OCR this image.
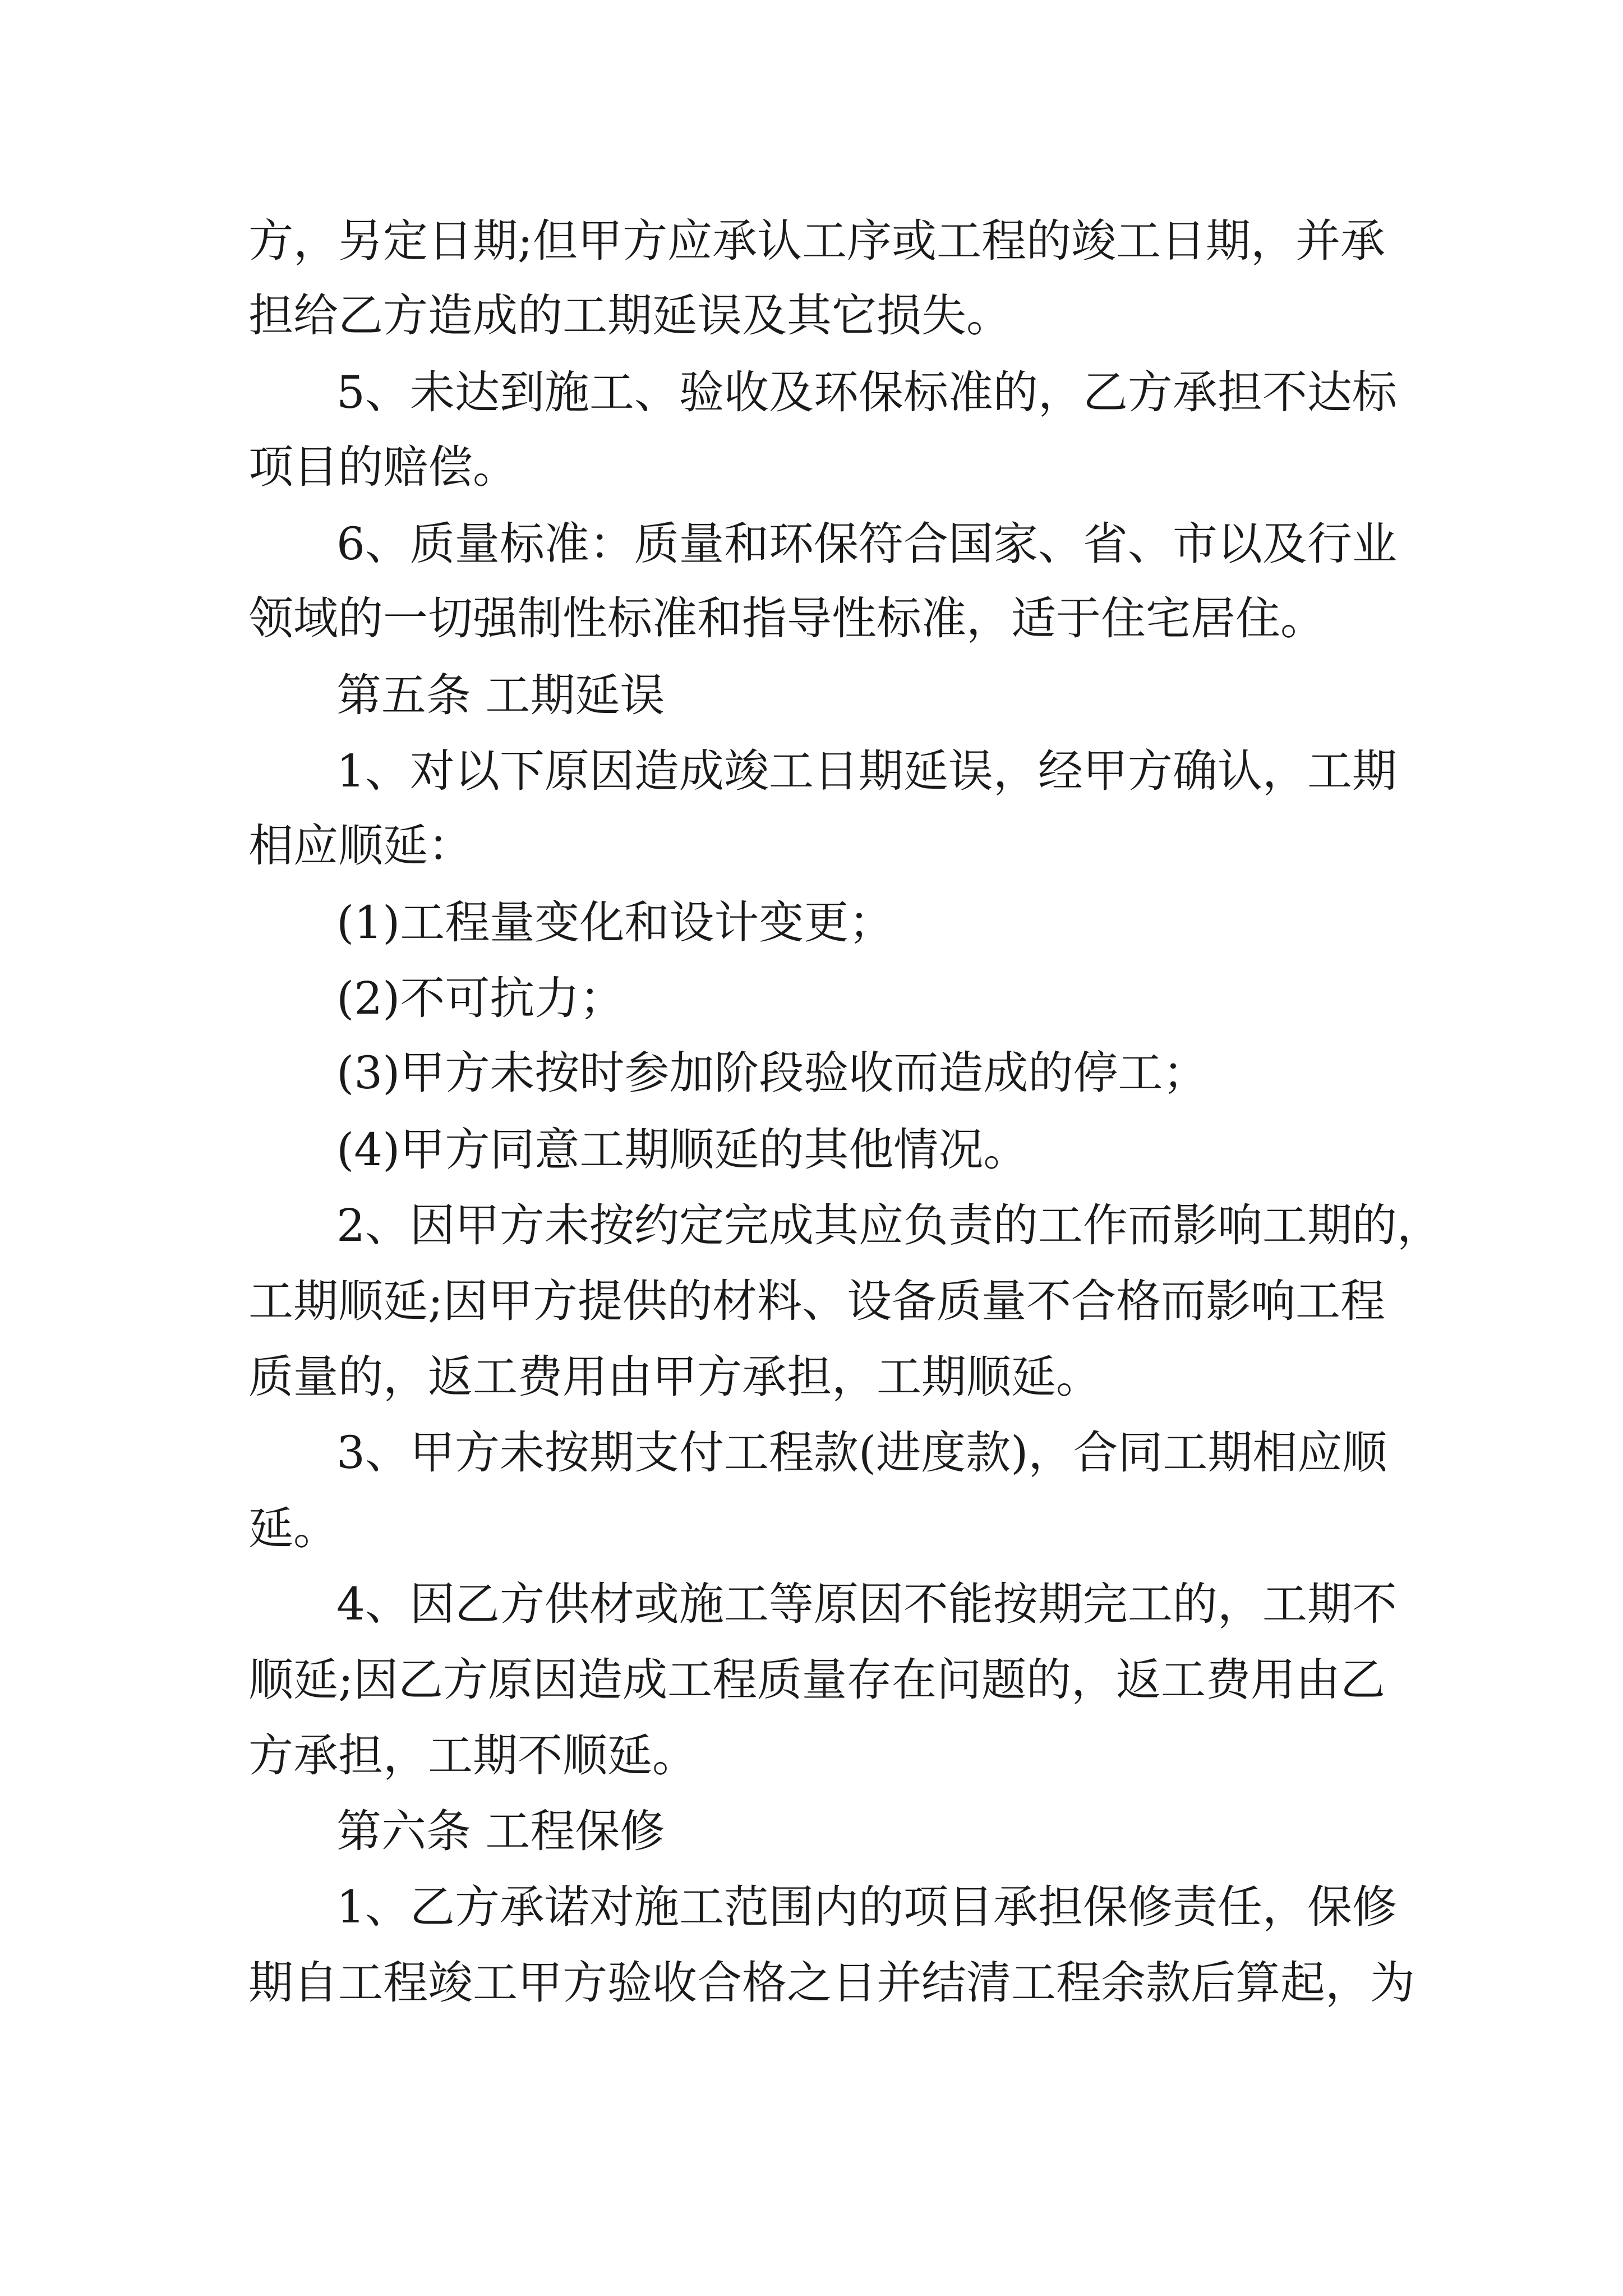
方，另定日期;但甲方应承认工序或工程的竣工日期，并承
担给乙方造成的工期延误及其它损失。
5、未达到施工、验收及环保标准的，乙方承担不达标
项目的赔偿。
6、质量标准：质量和环保符合国家、省、市以及行业
领域的一切强制性标准和指导性标准，适于住宅居住。
第五条 工期延误
1、对以下原因造成竣工日期延误，经甲方确认，工期
相应顺延：
(1)工程量变化和设计变更；
(2)不可抗力；
(3)甲方未按时参加阶段验收而造成的停工；
(4)甲方同意工期顺延的其他情况。
2、因甲方未按约定完成其应负责的工作而影响工期的，
工期顺延;因甲方提供的材料、设备质量不合格而影响工程
质量的，返工费用由甲方承担，工期顺延。
3、甲方未按期支付工程款(进度款)，合同工期相应顺
延。
4、因乙方供材或施工等原因不能按期完工的，工期不
顺延;因乙方原因造成工程质量存在问题的，返工费用由乙
方承担，工期不顺延。
第六条 工程保修
1、乙方承诺对施工范围内的项目承担保修责任，保修
期自工程竣工甲方验收合格之日并结清工程余款后算起，为
